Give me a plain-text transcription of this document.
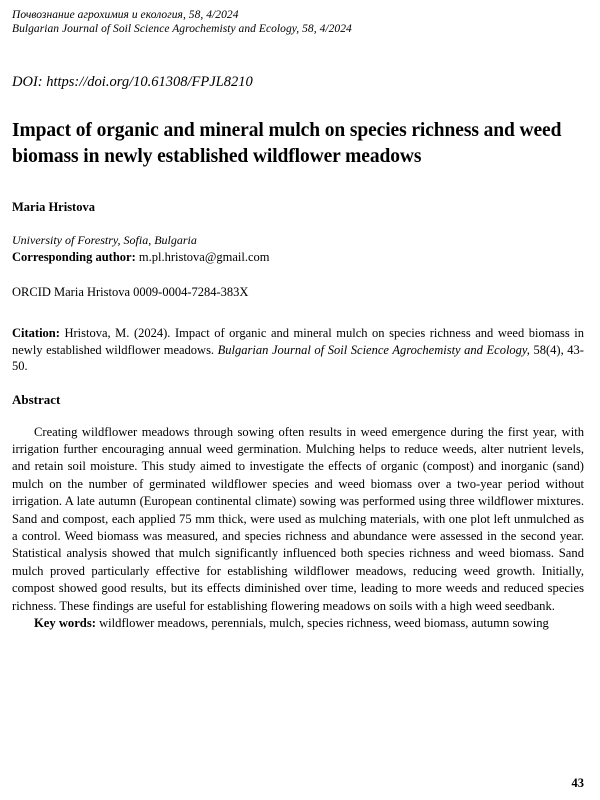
Почвознание агрохимия и екология, 58, 4/2024
Bulgarian Journal of Soil Science Agrochemisty and Ecology, 58, 4/2024
DOI: https://doi.org/10.61308/FPJL8210
Impact of organic and mineral mulch on species richness and weed biomass in newly established wildflower meadows
Maria Hristova
University of Forestry, Sofia, Bulgaria
Corresponding author: m.pl.hristova@gmail.com
ORCID Maria Hristova 0009-0004-7284-383X
Citation: Hristova, M. (2024). Impact of organic and mineral mulch on species richness and weed biomass in newly established wildflower meadows. Bulgarian Journal of Soil Science Agrochemisty and Ecology, 58(4), 43-50.
Abstract
Creating wildflower meadows through sowing often results in weed emergence during the first year, with irrigation further encouraging annual weed germination. Mulching helps to reduce weeds, alter nutrient levels, and retain soil moisture. This study aimed to investigate the effects of organic (compost) and inorganic (sand) mulch on the number of germinated wildflower species and weed biomass over a two-year period without irrigation. A late autumn (European continental climate) sowing was performed using three wildflower mixtures. Sand and compost, each applied 75 mm thick, were used as mulching materials, with one plot left unmulched as a control. Weed biomass was measured, and species richness and abundance were assessed in the second year. Statistical analysis showed that mulch significantly influenced both species richness and weed biomass. Sand mulch proved particularly effective for establishing wildflower meadows, reducing weed growth. Initially, compost showed good results, but its effects diminished over time, leading to more weeds and reduced species richness. These findings are useful for establishing flowering meadows on soils with a high weed seedbank.
Key words: wildflower meadows, perennials, mulch, species richness, weed biomass, autumn sowing
43
